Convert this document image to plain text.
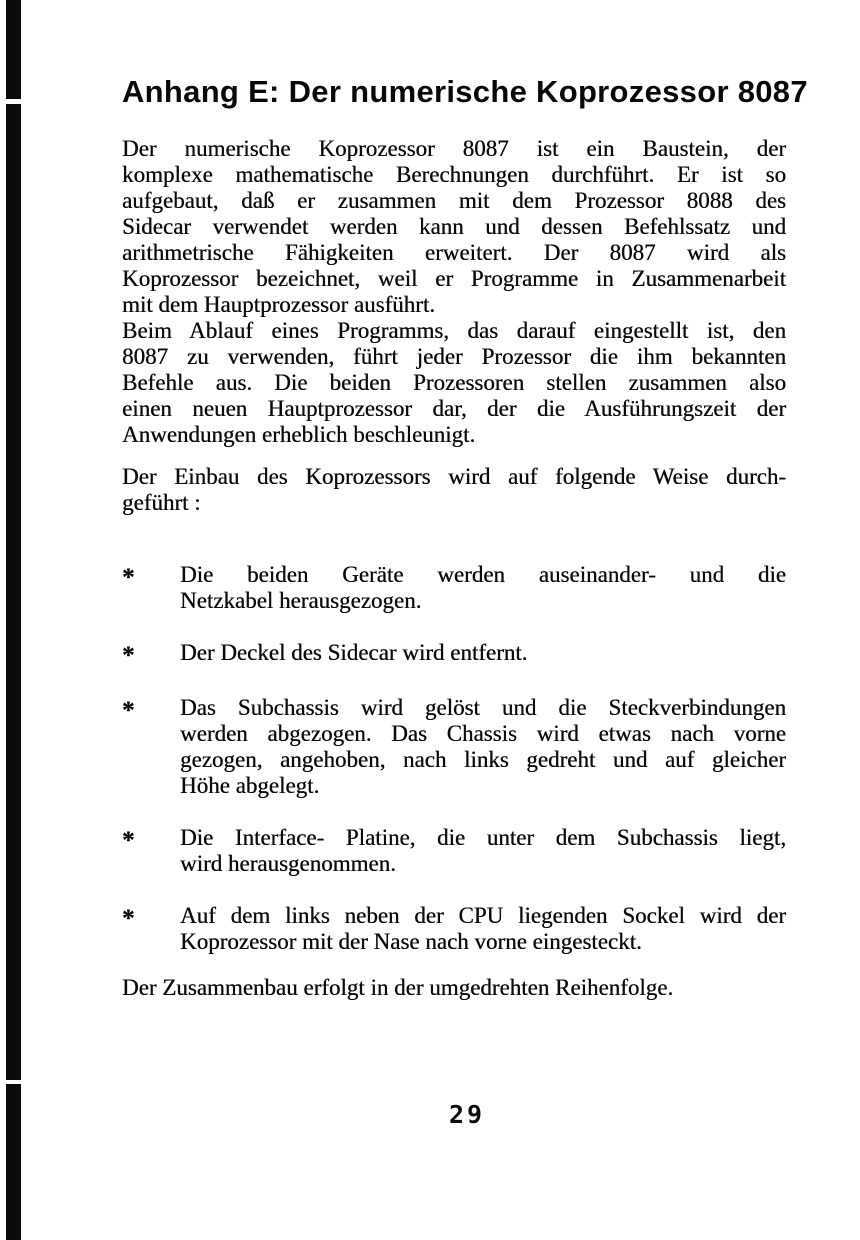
Anhang E: Der numerische Koprozessor 8087
Der numerische Koprozessor 8087 ist ein Baustein, der
komplexe mathematische Berechnungen durchführt. Er ist so
aufgebaut, daß er zusammen mit dem Prozessor 8088 des
Sidecar verwendet werden kann und dessen Befehlssatz und
arithmetrische Fähigkeiten erweitert. Der 8087 wird als
Koprozessor bezeichnet, weil er Programme in Zusammenarbeit
mit dem Hauptprozessor ausführt.
Beim Ablauf eines Programms, das darauf eingestellt ist, den
8087 zu verwenden, führt jeder Prozessor die ihm bekannten
Befehle aus. Die beiden Prozessoren stellen zusammen also
einen neuen Hauptprozessor dar, der die Ausführungszeit der
Anwendungen erheblich beschleunigt.
Der Einbau des Koprozessors wird auf folgende Weise durch-
geführt :
*	Die beiden Geräte werden auseinander- und die
Netzkabel herausgezogen.
*	Der Deckel des Sidecar wird entfernt.
*	Das Subchassis wird gelöst und die Steckverbindungen
werden abgezogen. Das Chassis wird etwas nach vorne
gezogen, angehoben, nach links gedreht und auf gleicher
Höhe abgelegt.
*	Die Interface- Platine, die unter dem Subchassis liegt,
wird herausgenommen.
*	Auf dem links neben der CPU liegenden Sockel wird der
Koprozessor mit der Nase nach vorne eingesteckt.
Der Zusammenbau erfolgt in der umgedrehten Reihenfolge.
29
